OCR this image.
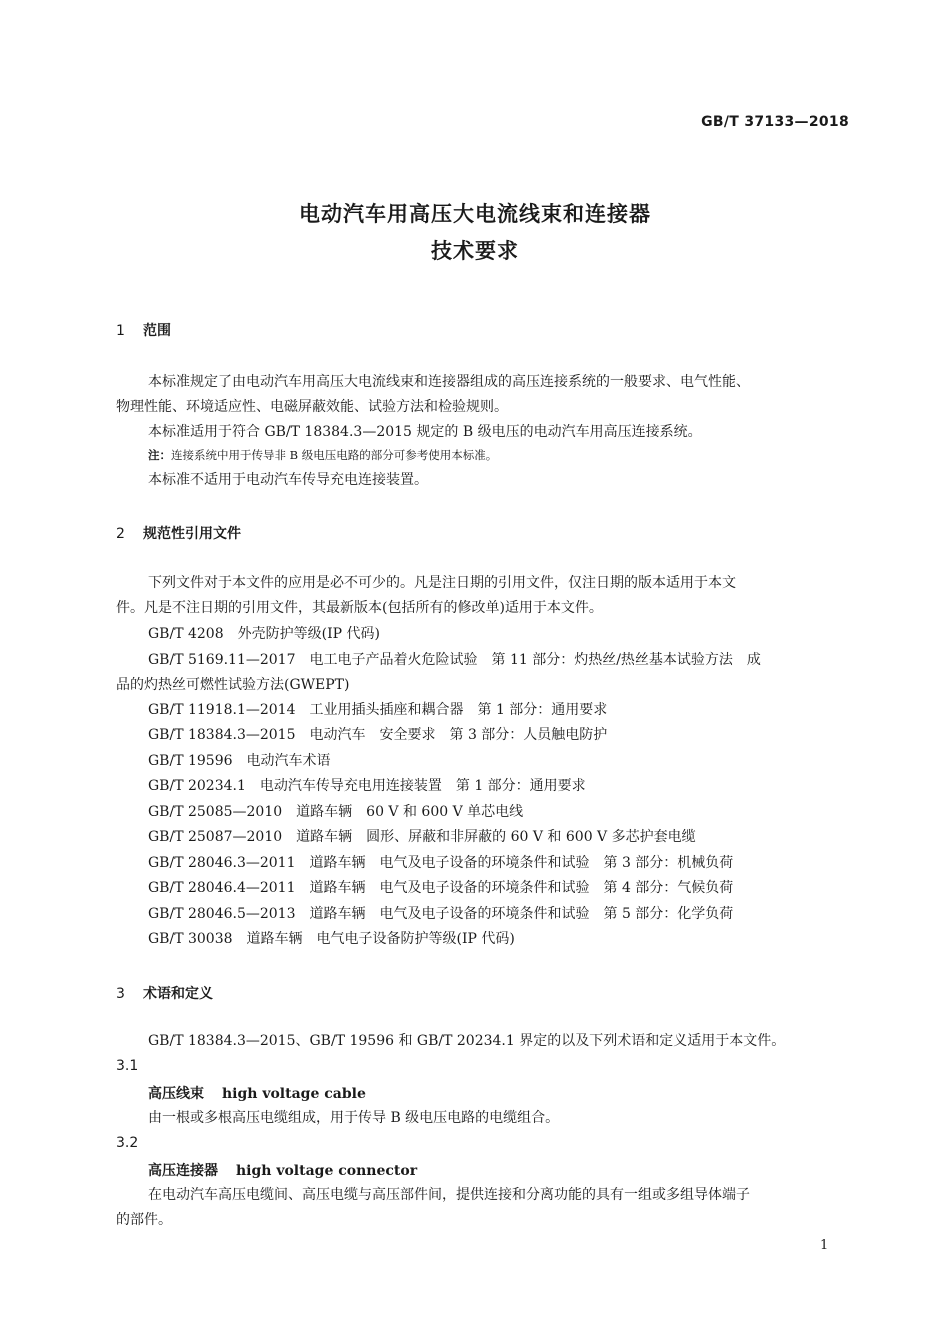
GB/T 37133—2018
电动汽车用高压大电流线束和连接器
技术要求
1 范围
本标准规定了由电动汽车用高压大电流线束和连接器组成的高压连接系统的一般要求、电气性能、
物理性能、环境适应性、电磁屏蔽效能、试验方法和检验规则。
本标准适用于符合 GB/T 18384.3—2015 规定的 B 级电压的电动汽车用高压连接系统。
注：连接系统中用于传导非 B 级电压电路的部分可参考使用本标准。
本标准不适用于电动汽车传导充电连接装置。
2 规范性引用文件
下列文件对于本文件的应用是必不可少的。凡是注日期的引用文件，仅注日期的版本适用于本文
件。凡是不注日期的引用文件，其最新版本(包括所有的修改单)适用于本文件。
GB/T 4208 外壳防护等级(IP 代码)
GB/T 5169.11—2017 电工电子产品着火危险试验 第 11 部分：灼热丝/热丝基本试验方法　成
品的灼热丝可燃性试验方法(GWEPT)
GB/T 11918.1—2014 工业用插头插座和耦合器 第 1 部分：通用要求
GB/T 18384.3—2015 电动汽车　安全要求 第 3 部分：人员触电防护
GB/T 19596 电动汽车术语
GB/T 20234.1 电动汽车传导充电用连接装置 第 1 部分：通用要求
GB/T 25085—2010 道路车辆　60 V 和 600 V 单芯电线
GB/T 25087—2010 道路车辆　圆形、屏蔽和非屏蔽的 60 V 和 600 V 多芯护套电缆
GB/T 28046.3—2011 道路车辆　电气及电子设备的环境条件和试验 第 3 部分：机械负荷
GB/T 28046.4—2011 道路车辆　电气及电子设备的环境条件和试验 第 4 部分：气候负荷
GB/T 28046.5—2013 道路车辆　电气及电子设备的环境条件和试验 第 5 部分：化学负荷
GB/T 30038 道路车辆　电气电子设备防护等级(IP 代码)
3 术语和定义
GB/T 18384.3—2015、GB/T 19596 和 GB/T 20234.1 界定的以及下列术语和定义适用于本文件。
3.1
高压线束 high voltage cable
由一根或多根高压电缆组成，用于传导 B 级电压电路的电缆组合。
3.2
高压连接器 high voltage connector
在电动汽车高压电缆间、高压电缆与高压部件间，提供连接和分离功能的具有一组或多组导体端子
的部件。
1
